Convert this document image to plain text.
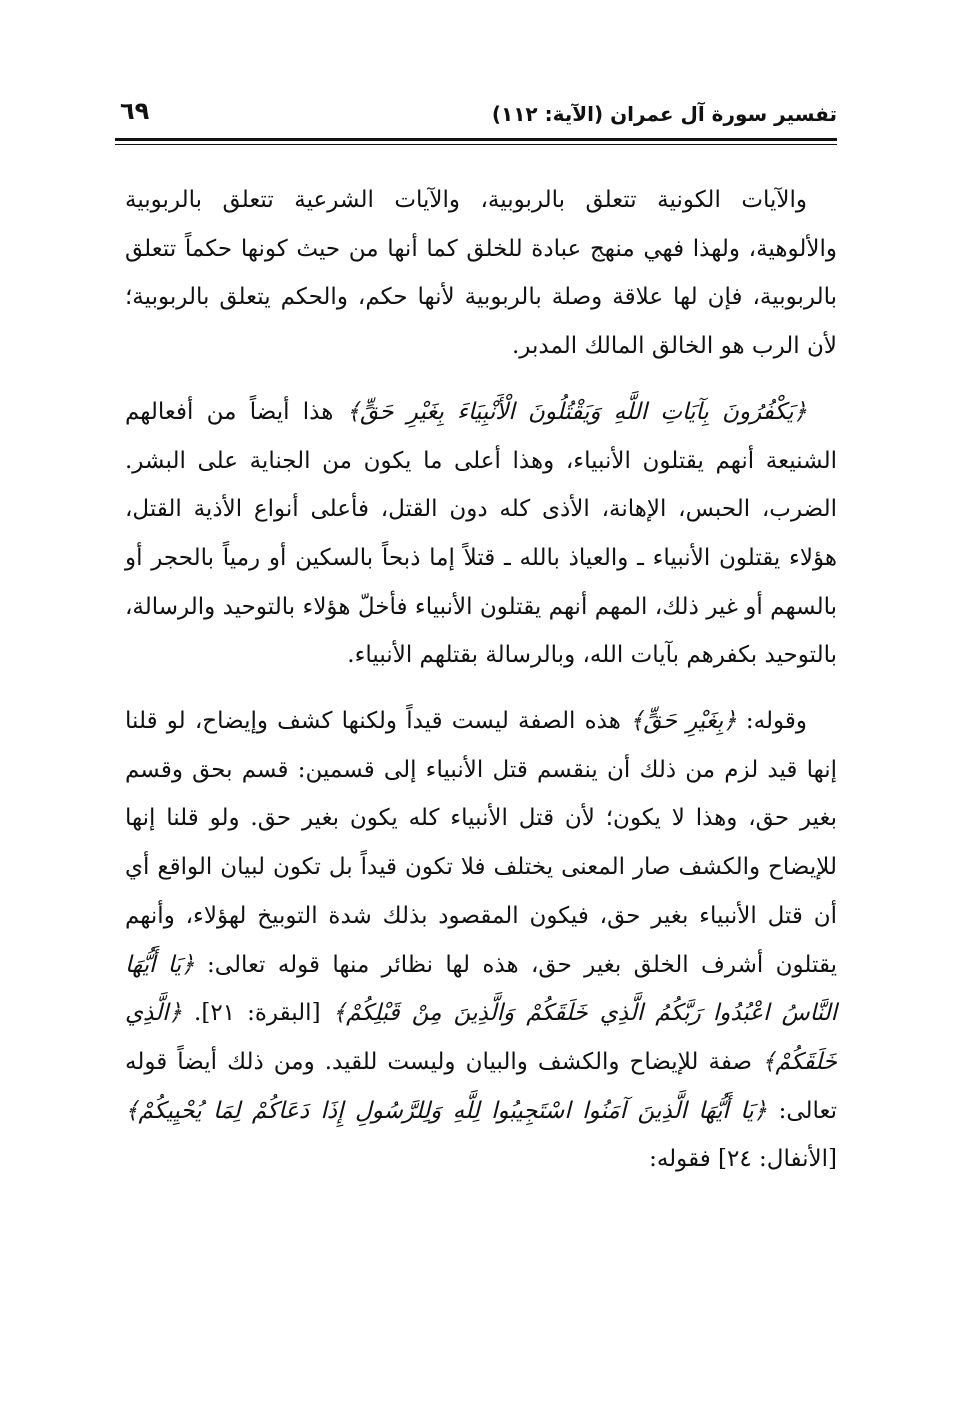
تفسير سورة آل عمران (الآية: ١١٢)
٦٩

والآيات الكونية تتعلق بالربوبية، والآيات الشرعية تتعلق بالربوبية والألوهية، ولهذا فهي منهج عبادة للخلق كما أنها من حيث كونها حكماً تتعلق بالربوبية، فإن لها علاقة وصلة بالربوبية لأنها حكم، والحكم يتعلق بالربوبية؛ لأن الرب هو الخالق المالك المدبر.

﴿يَكْفُرُونَ بِآيَاتِ اللَّهِ وَيَقْتُلُونَ الْأَنْبِيَاءَ بِغَيْرِ حَقٍّ﴾ هذا أيضاً من أفعالهم الشنيعة أنهم يقتلون الأنبياء، وهذا أعلى ما يكون من الجناية على البشر. الضرب، الحبس، الإهانة، الأذى كله دون القتل، فأعلى أنواع الأذية القتل، هؤلاء يقتلون الأنبياء ـ والعياذ بالله ـ قتلاً إما ذبحاً بالسكين أو رمياً بالحجر أو بالسهم أو غير ذلك، المهم أنهم يقتلون الأنبياء فأخلّ هؤلاء بالتوحيد والرسالة، بالتوحيد بكفرهم بآيات الله، وبالرسالة بقتلهم الأنبياء.

وقوله: ﴿بِغَيْرِ حَقٍّ﴾ هذه الصفة ليست قيداً ولكنها كشف وإيضاح، لو قلنا إنها قيد لزم من ذلك أن ينقسم قتل الأنبياء إلى قسمين: قسم بحق وقسم بغير حق، وهذا لا يكون؛ لأن قتل الأنبياء كله يكون بغير حق. ولو قلنا إنها للإيضاح والكشف صار المعنى يختلف فلا تكون قيداً بل تكون لبيان الواقع أي أن قتل الأنبياء بغير حق، فيكون المقصود بذلك شدة التوبيخ لهؤلاء، وأنهم يقتلون أشرف الخلق بغير حق، هذه لها نظائر منها قوله تعالى: ﴿يَا أَيُّهَا النَّاسُ اعْبُدُوا رَبَّكُمُ الَّذِي خَلَقَكُمْ وَالَّذِينَ مِنْ قَبْلِكُمْ﴾ [البقرة: ٢١]. ﴿الَّذِي خَلَقَكُمْ﴾ صفة للإيضاح والكشف والبيان وليست للقيد. ومن ذلك أيضاً قوله تعالى: ﴿يَا أَيُّهَا الَّذِينَ آمَنُوا اسْتَجِيبُوا لِلَّهِ وَلِلرَّسُولِ إِذَا دَعَاكُمْ لِمَا يُحْيِيكُمْ﴾ [الأنفال: ٢٤] فقوله:
